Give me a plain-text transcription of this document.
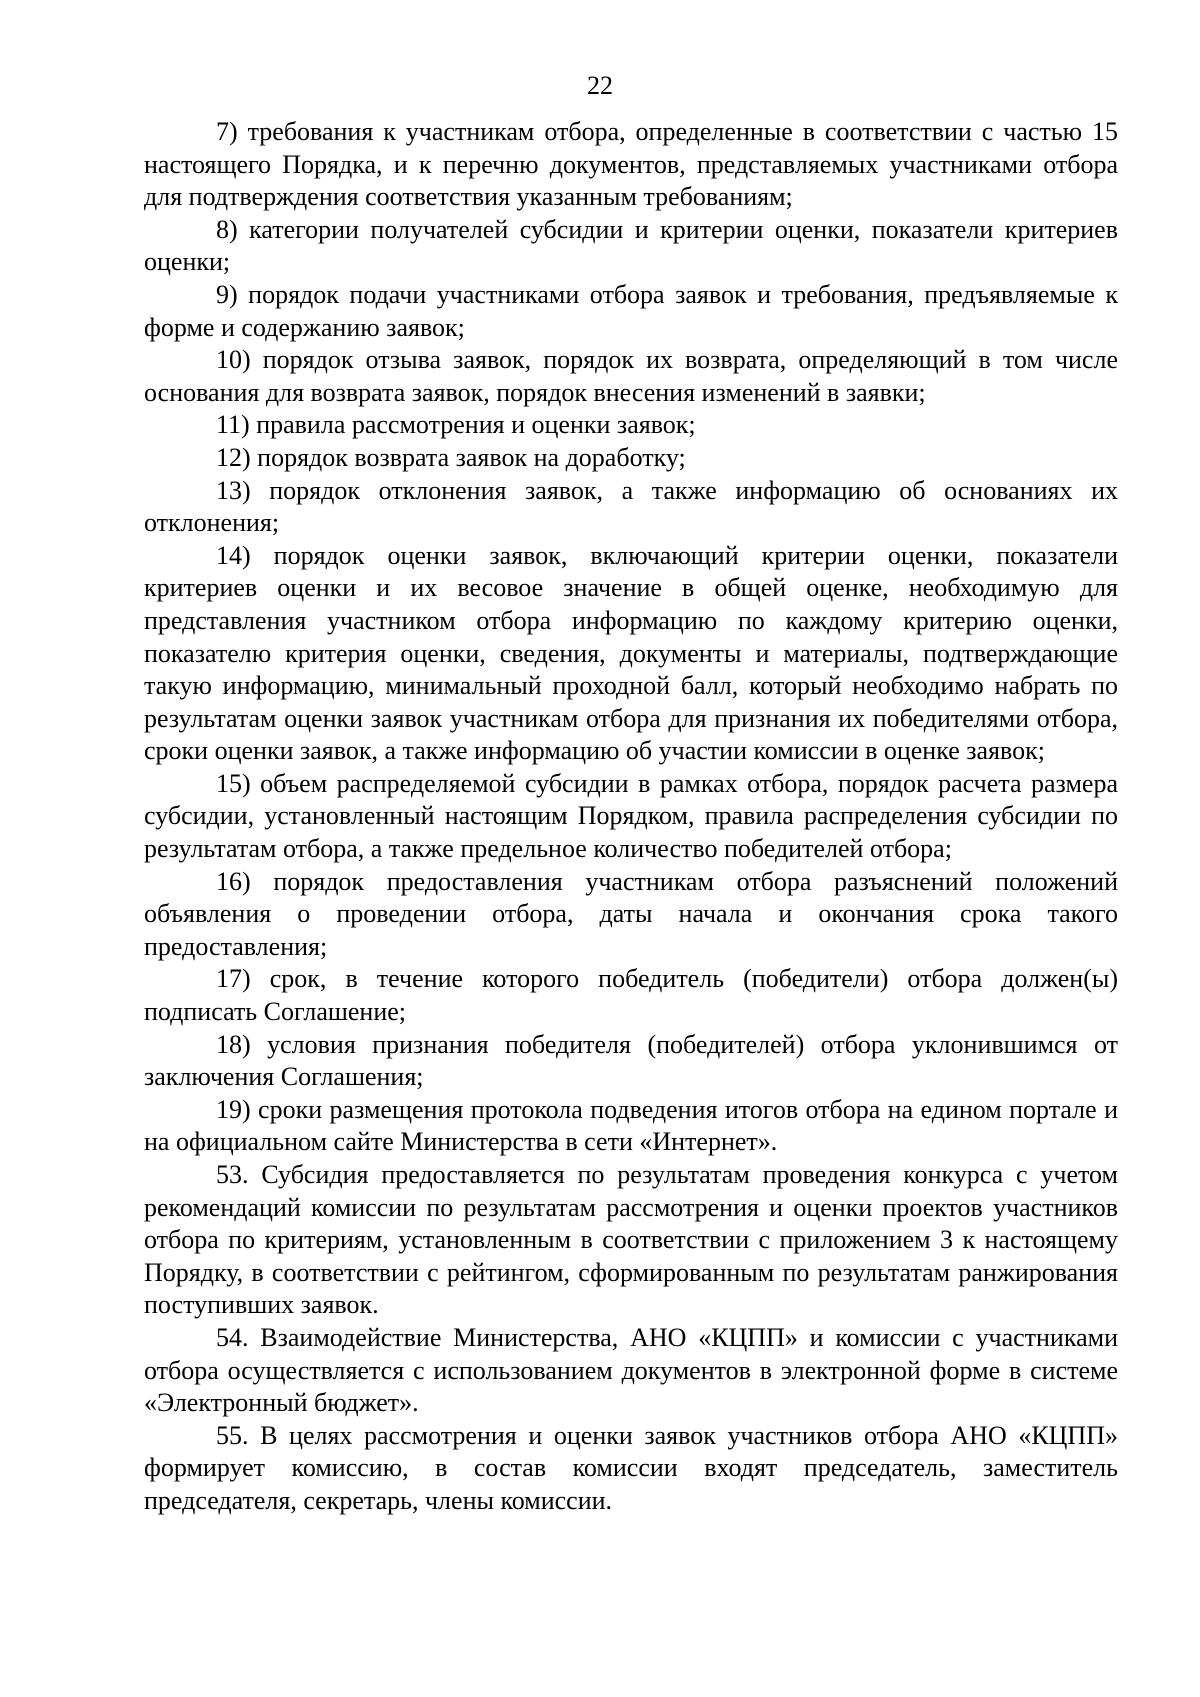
22

7) требования к участникам отбора, определенные в соответствии с частью 15 настоящего Порядка, и к перечню документов, представляемых участниками отбора для подтверждения соответствия указанным требованиям;

8) категории получателей субсидии и критерии оценки, показатели критериев оценки;

9) порядок подачи участниками отбора заявок и требования, предъявляемые к форме и содержанию заявок;

10) порядок отзыва заявок, порядок их возврата, определяющий в том числе основания для возврата заявок, порядок внесения изменений в заявки;

11) правила рассмотрения и оценки заявок;

12) порядок возврата заявок на доработку;

13) порядок отклонения заявок, а также информацию об основаниях их отклонения;

14) порядок оценки заявок, включающий критерии оценки, показатели критериев оценки и их весовое значение в общей оценке, необходимую для представления участником отбора информацию по каждому критерию оценки, показателю критерия оценки, сведения, документы и материалы, подтверждающие такую информацию, минимальный проходной балл, который необходимо набрать по результатам оценки заявок участникам отбора для признания их победителями отбора, сроки оценки заявок, а также информацию об участии комиссии в оценке заявок;

15) объем распределяемой субсидии в рамках отбора, порядок расчета размера субсидии, установленный настоящим Порядком, правила распределения субсидии по результатам отбора, а также предельное количество победителей отбора;

16) порядок предоставления участникам отбора разъяснений положений объявления о проведении отбора, даты начала и окончания срока такого предоставления;

17) срок, в течение которого победитель (победители) отбора должен(ы) подписать Соглашение;

18) условия признания победителя (победителей) отбора уклонившимся от заключения Соглашения;

19) сроки размещения протокола подведения итогов отбора на едином портале и на официальном сайте Министерства в сети «Интернет».

53. Субсидия предоставляется по результатам проведения конкурса с учетом рекомендаций комиссии по результатам рассмотрения и оценки проектов участников отбора по критериям, установленным в соответствии с приложением 3 к настоящему Порядку, в соответствии с рейтингом, сформированным по результатам ранжирования поступивших заявок.

54. Взаимодействие Министерства, АНО «КЦПП» и комиссии с участниками отбора осуществляется с использованием документов в электронной форме в системе «Электронный бюджет».

55. В целях рассмотрения и оценки заявок участников отбора АНО «КЦПП» формирует комиссию, в состав комиссии входят председатель, заместитель председателя, секретарь, члены комиссии.
